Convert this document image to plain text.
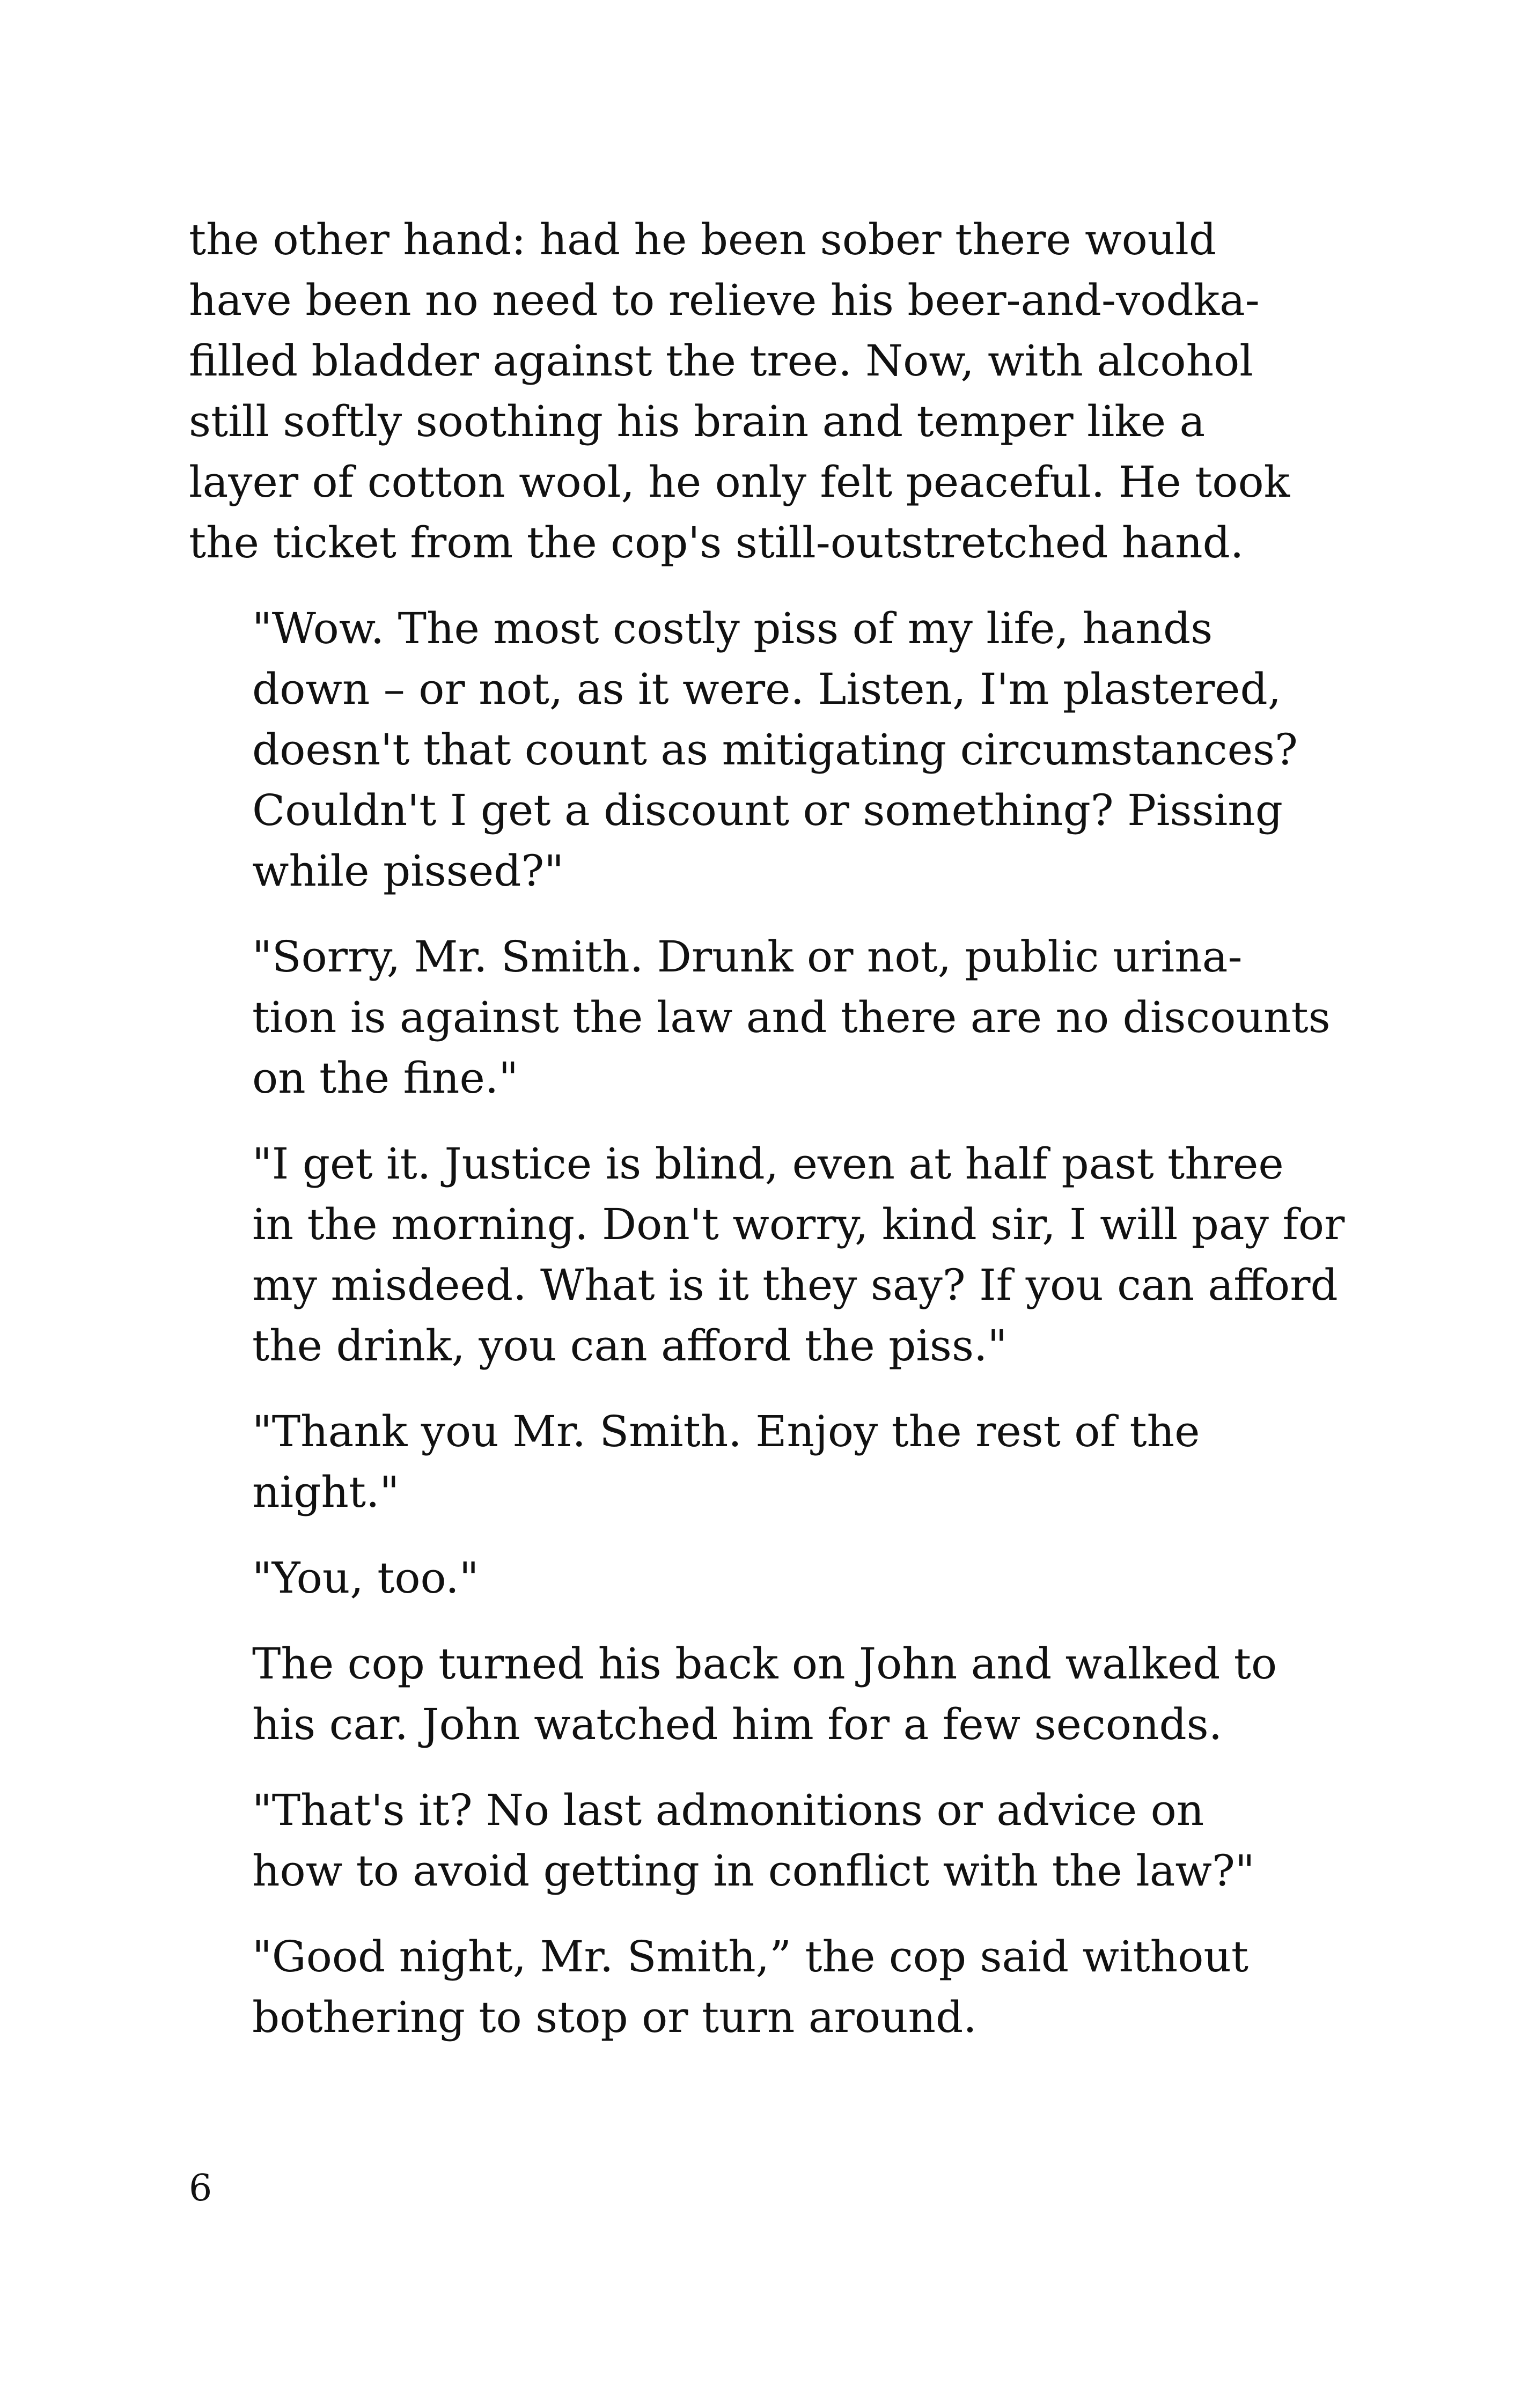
the other hand: had he been sober there would
have been no need to relieve his beer-and-vodka-
filled bladder against the tree. Now, with alcohol
still softly soothing his brain and temper like a
layer of cotton wool, he only felt peaceful. He took
the ticket from the cop's still-outstretched hand.

"Wow. The most costly piss of my life, hands
down – or not, as it were. Listen, I'm plastered,
doesn't that count as mitigating circumstances?
Couldn't I get a discount or something? Pissing
while pissed?"

"Sorry, Mr. Smith. Drunk or not, public urina-
tion is against the law and there are no discounts
on the fine."

"I get it. Justice is blind, even at half past three
in the morning. Don't worry, kind sir, I will pay for
my misdeed. What is it they say? If you can afford
the drink, you can afford the piss."

"Thank you Mr. Smith. Enjoy the rest of the
night."

"You, too."

The cop turned his back on John and walked to
his car. John watched him for a few seconds.

"That's it? No last admonitions or advice on
how to avoid getting in conflict with the law?"

"Good night, Mr. Smith,” the cop said without
bothering to stop or turn around.

6
